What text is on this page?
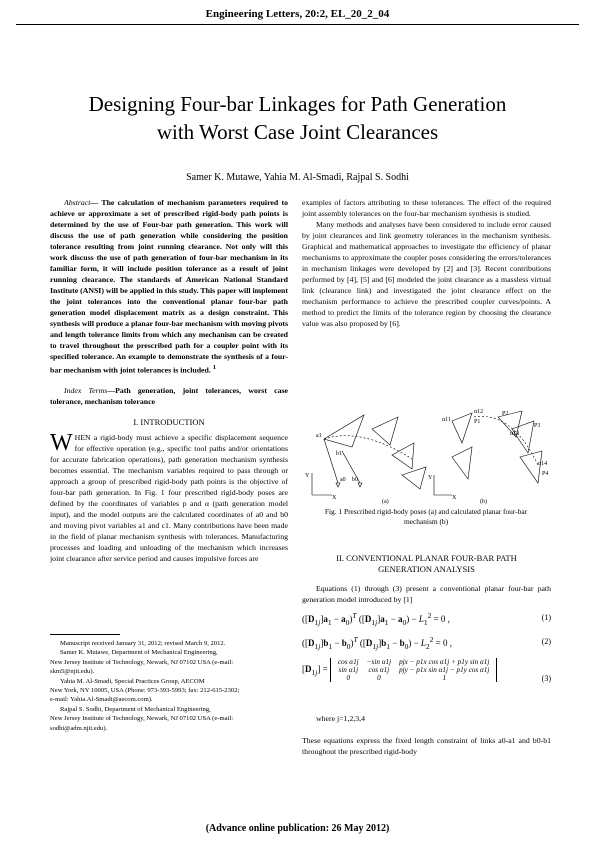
Engineering Letters, 20:2, EL_20_2_04
Designing Four-bar Linkages for Path Generation
with Worst Case Joint Clearances
Samer K. Mutawe, Yahia M. Al-Smadi, Rajpal S. Sodhi

Abstract— The calculation of mechanism parameters required to achieve or approximate a set of prescribed rigid-body path points is determined by the use of Four-bar path generation. This work will discuss the use of path generation while considering the position tolerance resulting from joint running clearance. Not only will this work discuss the use of path generation of four-bar mechanism in its familiar form, it will include position tolerance as a result of joint running clearance. The standards of American National Standard Institute (ANSI) will be applied in this study. This paper will implement the joint tolerances into the conventional planar four-bar path generation model displacement matrix as a design constraint. This synthesis will produce a planar four-bar mechanism with moving pivots and length tolerance limits from which any mechanism can be created to travel throughout the prescribed path for a coupler point with its specified tolerance. An example to demonstrate the synthesis of a four-bar mechanism with joint tolerances is included. $^1$

Index Terms—Path generation, joint tolerances, worst case tolerance, mechanism tolerance

I. INTRODUCTION

WHEN a rigid-body must achieve a specific displacement sequence for effective operation (e.g., specific tool paths and/or orientations for accurate fabrication operations), path generation mechanism synthesis becomes essential. The mechanism variables required to pass through or approach a group of prescribed rigid-body path points is the objective of four-bar path generation. In Fig. 1 four prescribed rigid-body poses are defined by the coordinates of variables p and α (path generation model input), and the model outputs are the calculated coordinates of a0 and b0 and moving pivot variables a1 and c1. Many contributions have been made in the field of planar mechanism synthesis with tolerances. Manufacturing processes and loading and unloading of the mechanism which increases joint clearance after service period and causes impulsive forces are

Manuscript received January 31, 2012; revised March 9, 2012.
Samer K. Mutawe, Department of Mechanical Engineering,
New Jersey Institute of Technology, Newark, NJ 07102 USA (e-mail:
skm5@njit.edu).
Yahia M. Al-Smadi, Special Practices Group, AECOM
New York, NY 10005, USA (Phone: 973-393-5993; fax: 212-615-2302;
e-mail: Yahia.Al-Smadi@aecom.com).
Rajpal S. Sodhi, Department of Mechanical Engineering,
New Jersey Institute of Technology, Newark, NJ 07102 USA (e-mail:
sodhi@adm.njit.edu).

examples of factors attributing to these tolerances. The effect of the required joint assembly tolerances on the four-bar mechanism synthesis is studied.

Many methods and analyses have been considered to include error caused by joint clearances and link geometry tolerances in the mechanism synthesis. Graphical and mathematical approaches to investigate the efficiency of planar mechanisms to approximate the coupler poses considering the errors/tolerances in mechanism linkages were developed by [2] and [3]. Recent contributions performed by [4], [5] and [6] modeled the joint clearance as a massless virtual link (clearance link) and investigated the joint clearance effect on the mechanism performance to achieve the prescribed coupler curves/points. A method to predict the limits of the tolerance region by choosing the clearance value was also proposed by [6].

a1
b1
a0 b0
Y
X
(a)
α12
α11	P1
P2
P3
α13
α14
P4
Y
X
(b)
Fig. 1 Prescribed rigid-body poses (a) and calculated planar four-bar mechanism (b)
II. CONVENTIONAL PLANAR FOUR-BAR PATH
GENERATION ANALYSIS
Equations (1) through (3) present a conventional planar four-bar path generation model introduced by [1]
$([D_{1j}]a_1 - a_0)^T$ $([D_{1j}]a_1 - a_0) - L_1^2 = 0$ ,	(1)
$([D_{1j}]b_1 - b_0)^T$ $([D_{1j}]b_1 - b_0) - L_2^2 = 0$ ,	(2)
$[D_{1j}]$ =
cos α1j	−sin α1j	pjx − p1x cos α1j + p1y sin α1j
sin α1j	cos α1j	pjy − p1x sin α1j − p1y cos α1j
0	0	1	(3)
where j=1,2,3,4
These equations express the fixed length constraint of links a0-a1 and b0-b1 throughout the prescribed rigid-body
(Advance online publication: 26 May 2012)
